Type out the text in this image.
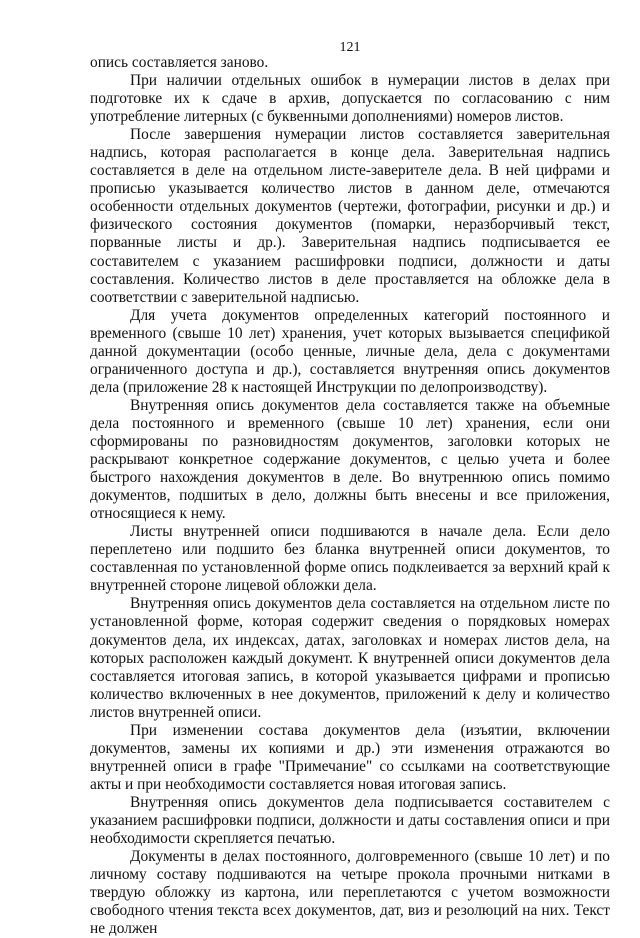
121

опись составляется заново.

При наличии отдельных ошибок в нумерации листов в делах при подготовке их к сдаче в архив, допускается по согласованию с ним употребление литерных (с буквенными дополнениями) номеров листов.

После завершения нумерации листов составляется заверительная надпись, которая располагается в конце дела. Заверительная надпись составляется в деле на отдельном листе-заверителе дела. В ней цифрами и прописью указывается количество листов в данном деле, отмечаются особенности отдельных документов (чертежи, фотографии, рисунки и др.) и физического состояния документов (помарки, неразборчивый текст, порванные листы и др.). Заверительная надпись подписывается ее составителем с указанием расшифровки подписи, должности и даты составления. Количество листов в деле проставляется на обложке дела в соответствии с заверительной надписью.

Для учета документов определенных категорий постоянного и временного (свыше 10 лет) хранения, учет которых вызывается спецификой данной документации (особо ценные, личные дела, дела с документами ограниченного доступа и др.), составляется внутренняя опись документов дела (приложение 28 к настоящей Инструкции по делопроизводству).

Внутренняя опись документов дела составляется также на объемные дела постоянного и временного (свыше 10 лет) хранения, если они сформированы по разновидностям документов, заголовки которых не раскрывают конкретное содержание документов, с целью учета и более быстрого нахождения документов в деле. Во внутреннюю опись помимо документов, подшитых в дело, должны быть внесены и все приложения, относящиеся к нему.

Листы внутренней описи подшиваются в начале дела. Если дело переплетено или подшито без бланка внутренней описи документов, то составленная по установленной форме опись подклеивается за верхний край к внутренней стороне лицевой обложки дела.

Внутренняя опись документов дела составляется на отдельном листе по установленной форме, которая содержит сведения о порядковых номерах документов дела, их индексах, датах, заголовках и номерах листов дела, на которых расположен каждый документ. К внутренней описи документов дела составляется итоговая запись, в которой указывается цифрами и прописью количество включенных в нее документов, приложений к делу и количество листов внутренней описи.

При изменении состава документов дела (изъятии, включении документов, замены их копиями и др.) эти изменения отражаются во внутренней описи в графе "Примечание" со ссылками на соответствующие акты и при необходимости составляется новая итоговая запись.

Внутренняя опись документов дела подписывается составителем с указанием расшифровки подписи, должности и даты составления описи и при необходимости скрепляется печатью.

Документы в делах постоянного, долговременного (свыше 10 лет) и по личному составу подшиваются на четыре прокола прочными нитками в твердую обложку из картона, или переплетаются с учетом возможности свободного чтения текста всех документов, дат, виз и резолюций на них. Текст не должен
